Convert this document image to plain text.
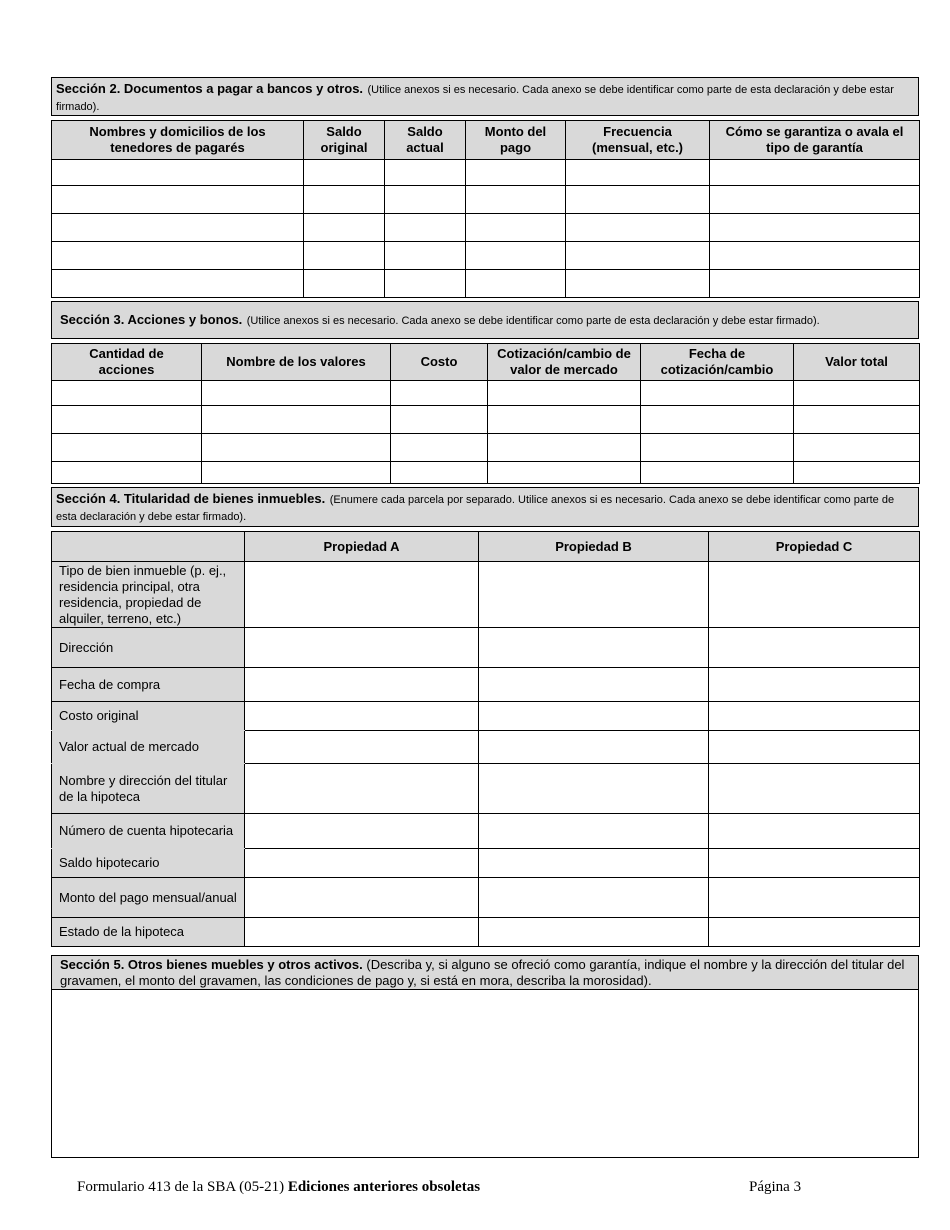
Sección 2. Documentos a pagar a bancos y otros. (Utilice anexos si es necesario. Cada anexo se debe identificar como parte de esta declaración y debe estar firmado).
Nombres y domicilios de los tenedores de pagarés	Saldo original	Saldo actual	Monto del pago	Frecuencia (mensual, etc.)	Cómo se garantiza o avala el tipo de garantía

Sección 3. Acciones y bonos. (Utilice anexos si es necesario. Cada anexo se debe identificar como parte de esta declaración y debe estar firmado).
Cantidad de acciones	Nombre de los valores	Costo	Cotización/cambio de valor de mercado	Fecha de cotización/cambio	Valor total

Sección 4. Titularidad de bienes inmuebles. (Enumere cada parcela por separado. Utilice anexos si es necesario. Cada anexo se debe identificar como parte de esta declaración y debe estar firmado).
	Propiedad A	Propiedad B	Propiedad C
Tipo de bien inmueble (p. ej., residencia principal, otra residencia, propiedad de alquiler, terreno, etc.)			
Dirección			
Fecha de compra			
Costo original			
Valor actual de mercado			
Nombre y dirección del titular de la hipoteca			
Número de cuenta hipotecaria			
Saldo hipotecario			
Monto del pago mensual/anual			
Estado de la hipoteca			
Sección 5. Otros bienes muebles y otros activos. (Describa y, si alguno se ofreció como garantía, indique el nombre y la dirección del titular del gravamen, el monto del gravamen, las condiciones de pago y, si está en mora, describa la morosidad).
Formulario 413 de la SBA (05-21) Ediciones anteriores obsoletas	Página 3
